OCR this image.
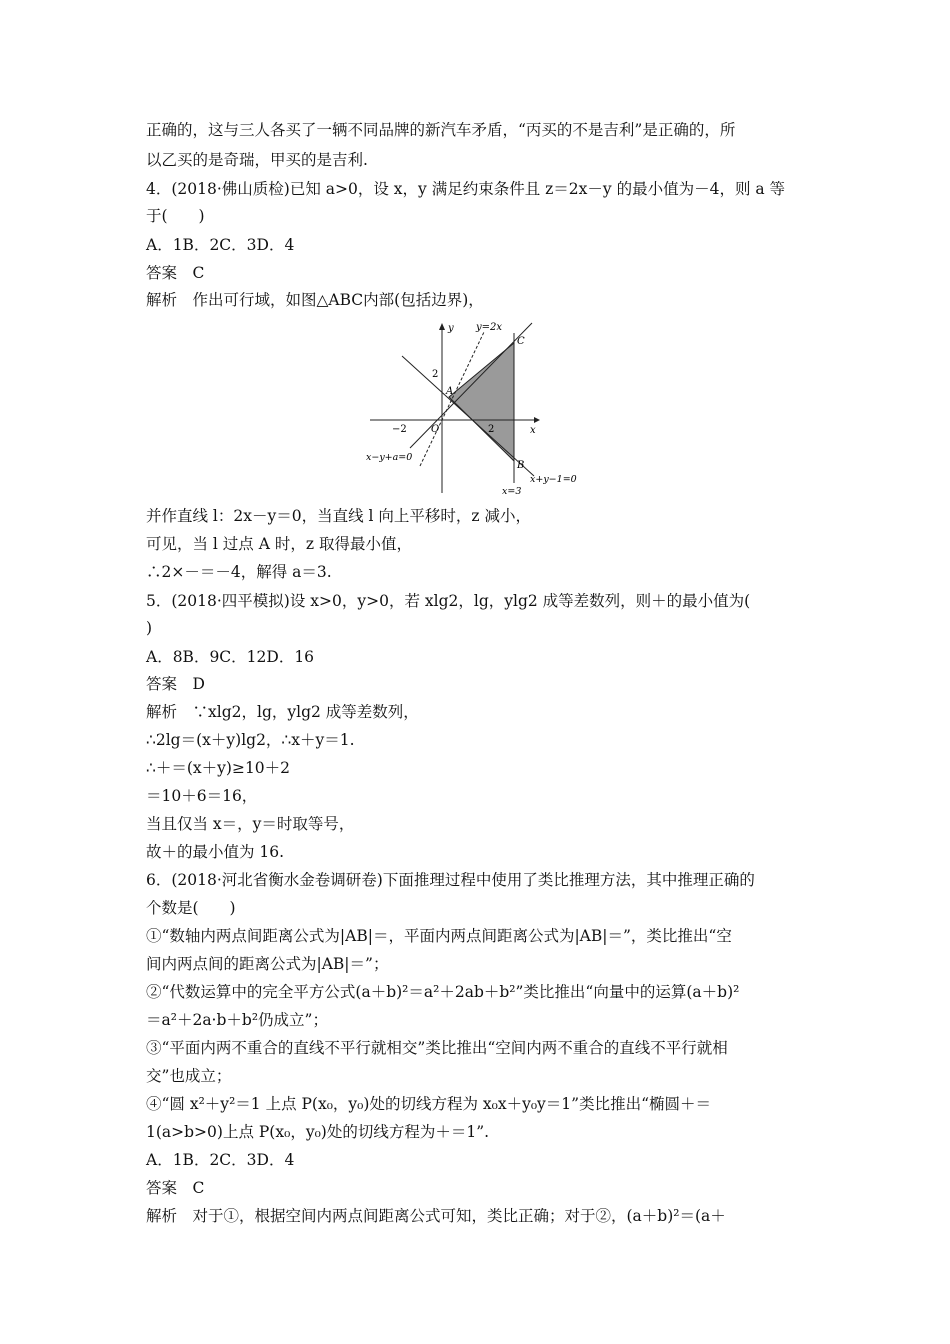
正确的，这与三人各买了一辆不同品牌的新汽车矛盾，“丙买的不是吉利”是正确的，所
以乙买的是奇瑞，甲买的是吉利.
4．(2018·佛山质检)已知 a>0，设 x，y 满足约束条件且 z＝2x－y 的最小值为－4，则 a 等
于(　　)
A．1B．2C．3D．4
答案　C
解析　作出可行域，如图△ABC内部(包括边界)，
y
x
O
2
−2	2
y=2x
A
B
C
x−y+a=0
x+y−1=0
x=3
并作直线 l：2x－y＝0，当直线 l 向上平移时，z 减小，
可见，当 l 过点 A 时，z 取得最小值，
∴2×－＝－4，解得 a＝3.
5．(2018·四平模拟)设 x>0，y>0，若 xlg2，lg，ylg2 成等差数列，则＋的最小值为(
)
A．8B．9C．12D．16
答案　D
解析　∵xlg2，lg，ylg2 成等差数列，
∴2lg＝(x＋y)lg2，∴x＋y＝1.
∴＋＝(x＋y)≥10＋2
＝10＋6＝16，
当且仅当 x＝，y＝时取等号，
故＋的最小值为 16.
6．(2018·河北省衡水金卷调研卷)下面推理过程中使用了类比推理方法，其中推理正确的
个数是(　　)
①“数轴内两点间距离公式为|AB|＝，平面内两点间距离公式为|AB|＝”，类比推出“空
间内两点间的距离公式为|AB|＝”；
②“代数运算中的完全平方公式(a＋b)²＝a²＋2ab＋b²”类比推出“向量中的运算(a＋b)²
＝a²＋2a·b＋b²仍成立”；
③“平面内两不重合的直线不平行就相交”类比推出“空间内两不重合的直线不平行就相
交”也成立；
④“圆 x²＋y²＝1 上点 P(x₀，y₀)处的切线方程为 x₀x＋y₀y＝1”类比推出“椭圆＋＝
1(a>b>0)上点 P(x₀，y₀)处的切线方程为＋＝1”.
A．1B．2C．3D．4
答案　C
解析　对于①，根据空间内两点间距离公式可知，类比正确；对于②，(a＋b)²＝(a＋
